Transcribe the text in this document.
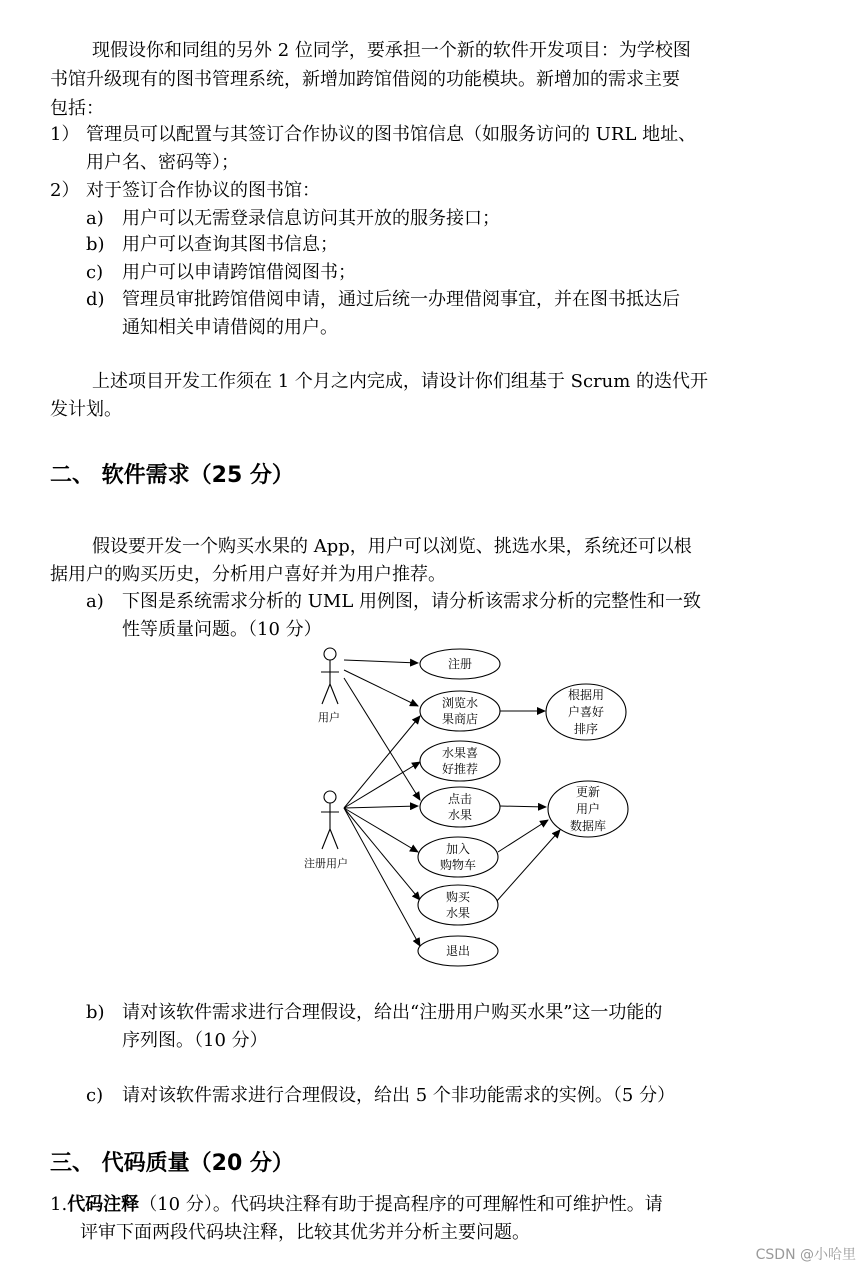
现假设你和同组的另外 2 位同学，要承担一个新的软件开发项目：为学校图

书馆升级现有的图书管理系统，新增加跨馆借阅的功能模块。新增加的需求主要

包括：

1） 管理员可以配置与其签订合作协议的图书馆信息（如服务访问的 URL 地址、

用户名、密码等）；

2） 对于签订合作协议的图书馆：

a) 用户可以无需登录信息访问其开放的服务接口；

b) 用户可以查询其图书信息；

c) 用户可以申请跨馆借阅图书；

d) 管理员审批跨馆借阅申请，通过后统一办理借阅事宜，并在图书抵达后

通知相关申请借阅的用户。

上述项目开发工作须在 1 个月之内完成，请设计你们组基于 Scrum 的迭代开

发计划。

二、 软件需求（25 分）

假设要开发一个购买水果的 App，用户可以浏览、挑选水果，系统还可以根

据用户的购买历史，分析用户喜好并为用户推荐。

a) 下图是系统需求分析的 UML 用例图，请分析该需求分析的完整性和一致

性等质量问题。（10 分）

用户
注册用户
注册
浏览水
果商店
水果喜
好推荐
点击
水果
加入
购物车
购买
水果
退出
根据用
户喜好
排序
更新
用户
数据库

b) 请对该软件需求进行合理假设，给出“注册用户购买水果”这一功能的

序列图。（10 分）

c) 请对该软件需求进行合理假设，给出 5 个非功能需求的实例。（5 分）

三、 代码质量（20 分）

1.代码注释（10 分）。代码块注释有助于提高程序的可理解性和可维护性。请

评审下面两段代码块注释，比较其优劣并分析主要问题。

CSDN @小哈里
